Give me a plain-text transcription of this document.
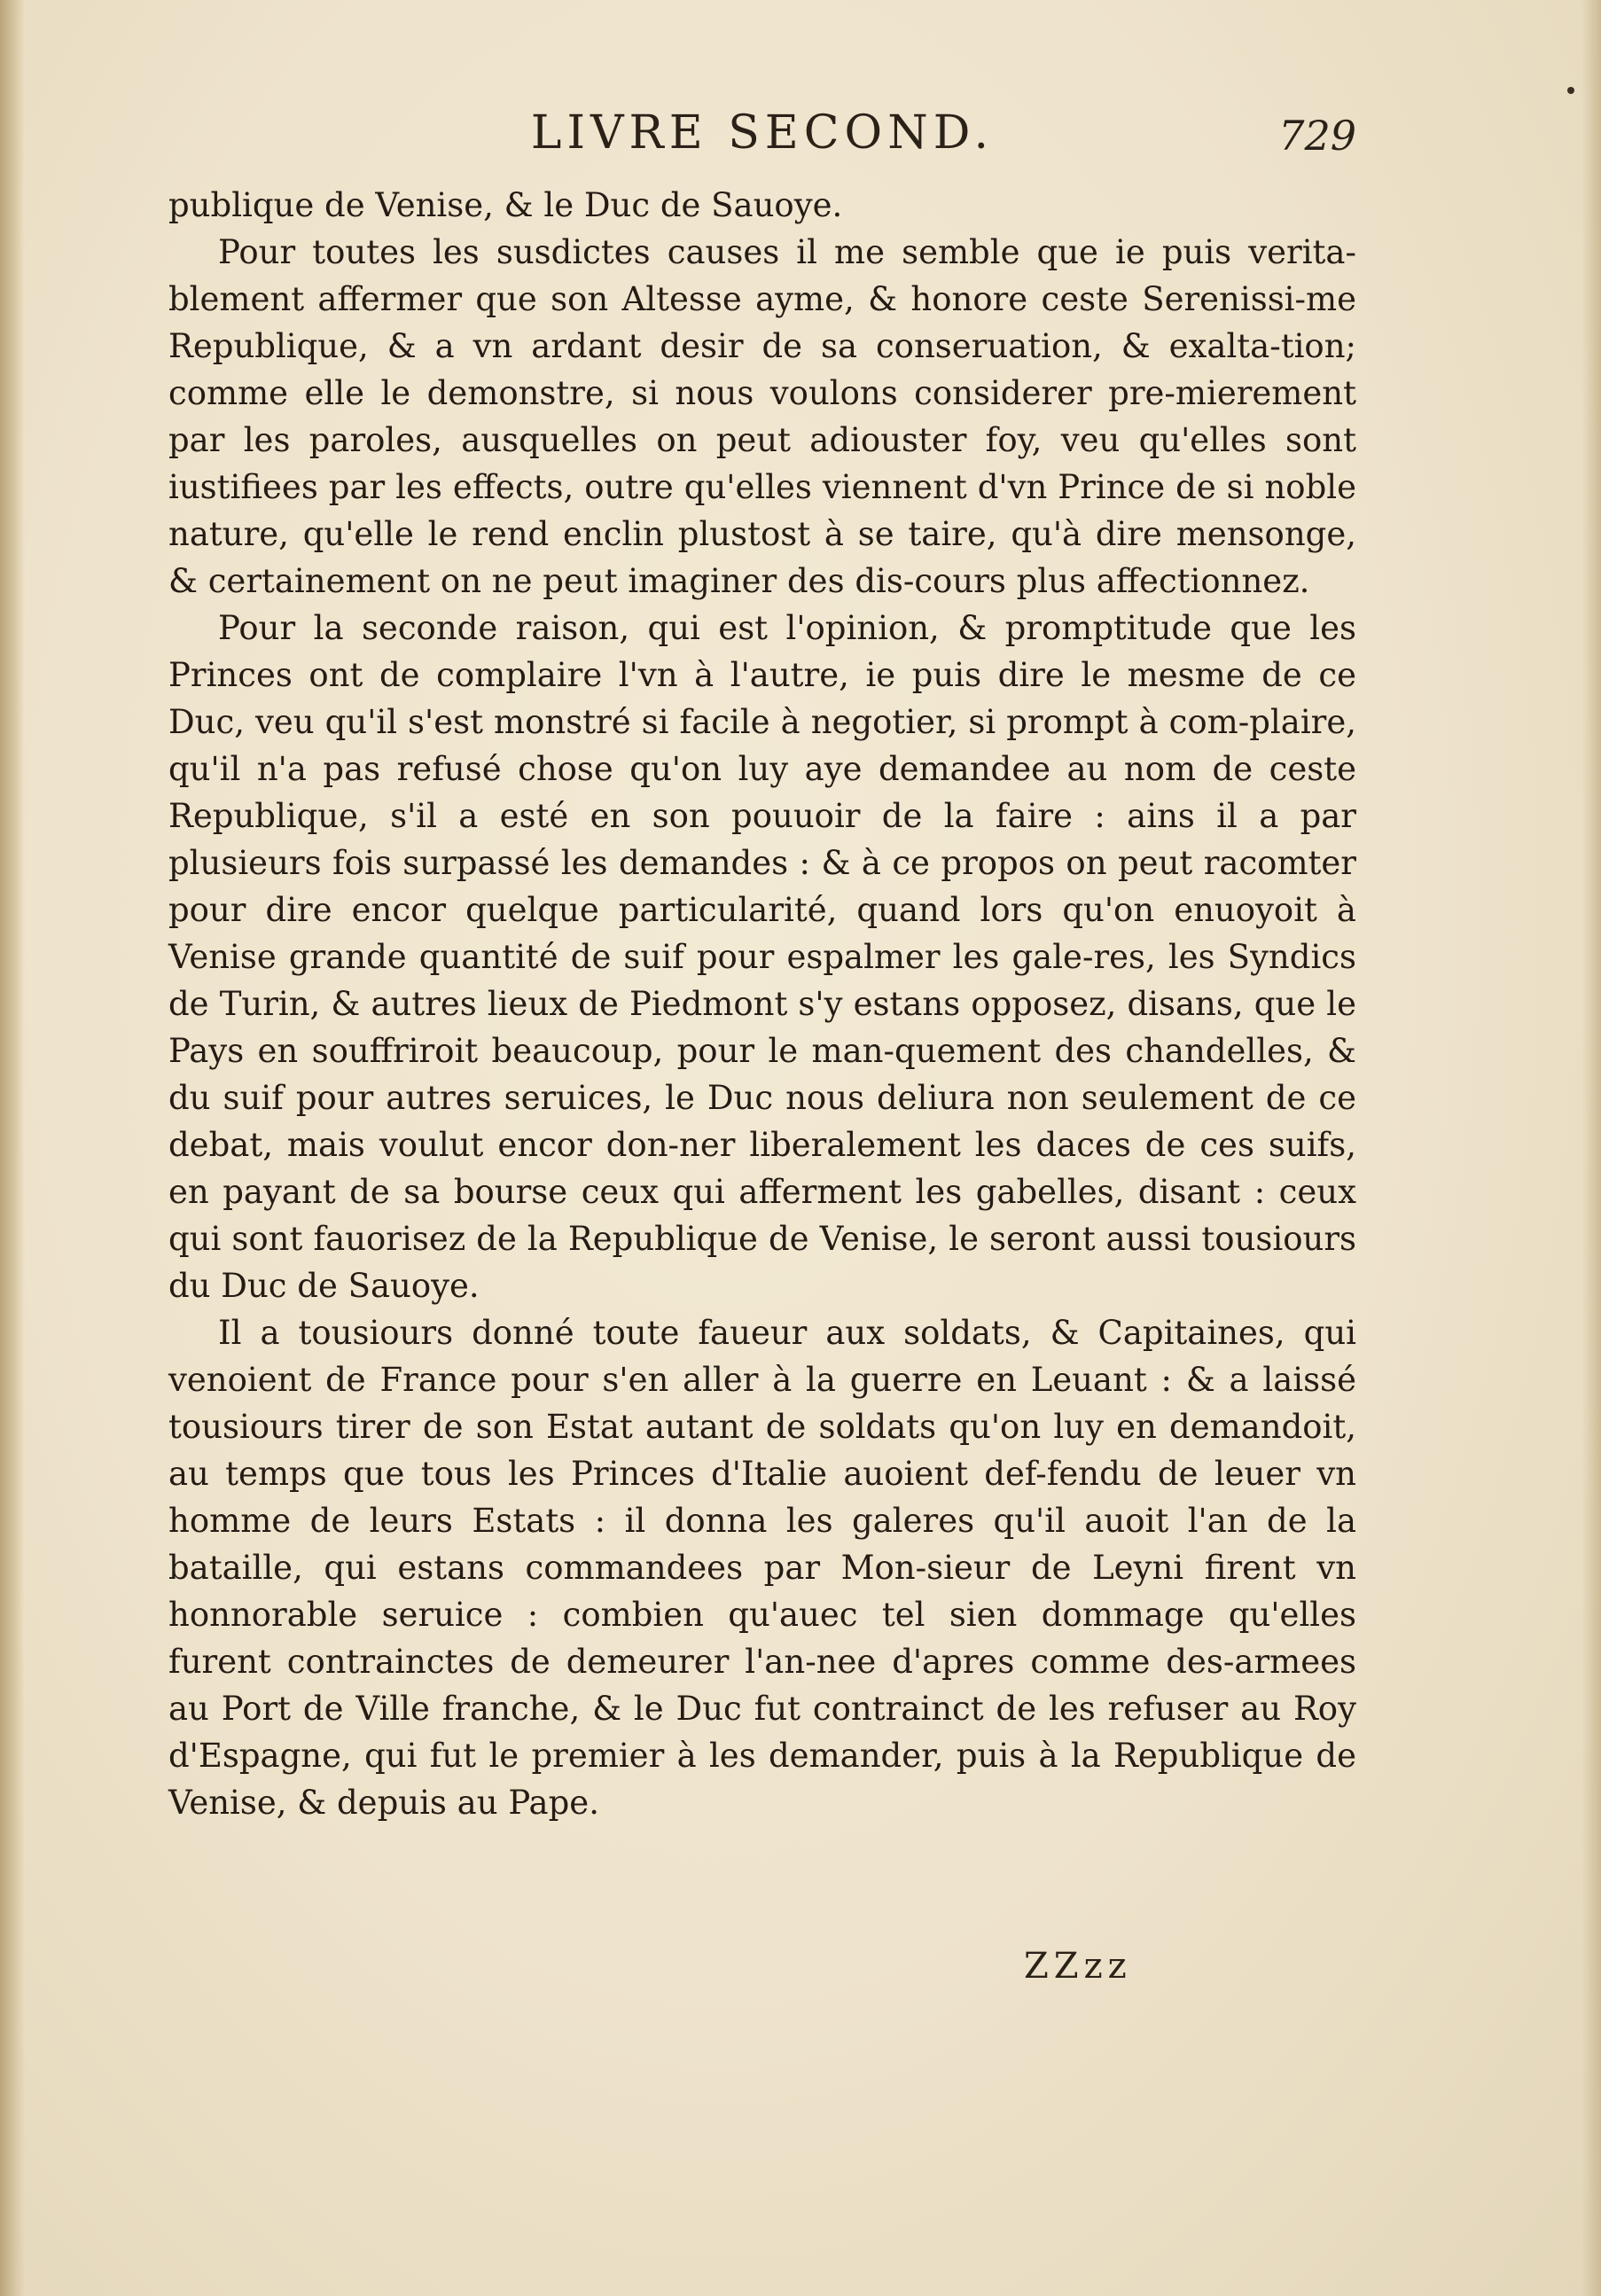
LIVRE SECOND.	729

publique de Venise, & le Duc de Sauoye.

Pour toutes les susdictes causes il me semble que ie puis verita-blement affermer que son Altesse ayme, & honore ceste Serenissi-me Republique, & a vn ardant desir de sa conseruation, & exalta-tion; comme elle le demonstre, si nous voulons considerer pre-mierement par les paroles, ausquelles on peut adiouster foy, veu qu'elles sont iustifiees par les effects, outre qu'elles viennent d'vn Prince de si noble nature, qu'elle le rend enclin plustost à se taire, qu'à dire mensonge, & certainement on ne peut imaginer des dis-cours plus affectionnez.

Pour la seconde raison, qui est l'opinion, & promptitude que les Princes ont de complaire l'vn à l'autre, ie puis dire le mesme de ce Duc, veu qu'il s'est monstré si facile à negotier, si prompt à com-plaire, qu'il n'a pas refusé chose qu'on luy aye demandee au nom de ceste Republique, s'il a esté en son pouuoir de la faire : ains il a par plusieurs fois surpassé les demandes : & à ce propos on peut racomter pour dire encor quelque particularité, quand lors qu'on enuoyoit à Venise grande quantité de suif pour espalmer les gale-res, les Syndics de Turin, & autres lieux de Piedmont s'y estans opposez, disans, que le Pays en souffriroit beaucoup, pour le man-quement des chandelles, & du suif pour autres seruices, le Duc nous deliura non seulement de ce debat, mais voulut encor don-ner liberalement les daces de ces suifs, en payant de sa bourse ceux qui afferment les gabelles, disant : ceux qui sont fauorisez de la Republique de Venise, le seront aussi tousiours du Duc de Sauoye.

Il a tousiours donné toute faueur aux soldats, & Capitaines, qui venoient de France pour s'en aller à la guerre en Leuant : & a laissé tousiours tirer de son Estat autant de soldats qu'on luy en demandoit, au temps que tous les Princes d'Italie auoient def-fendu de leuer vn homme de leurs Estats : il donna les galeres qu'il auoit l'an de la bataille, qui estans commandees par Mon-sieur de Leyni firent vn honnorable seruice : combien qu'auec tel sien dommage qu'elles furent contrainctes de demeurer l'an-nee d'apres comme des-armees au Port de Ville franche, & le Duc fut contrainct de les refuser au Roy d'Espagne, qui fut le premier à les demander, puis à la Republique de Venise, & depuis au Pape.

ZZzz
